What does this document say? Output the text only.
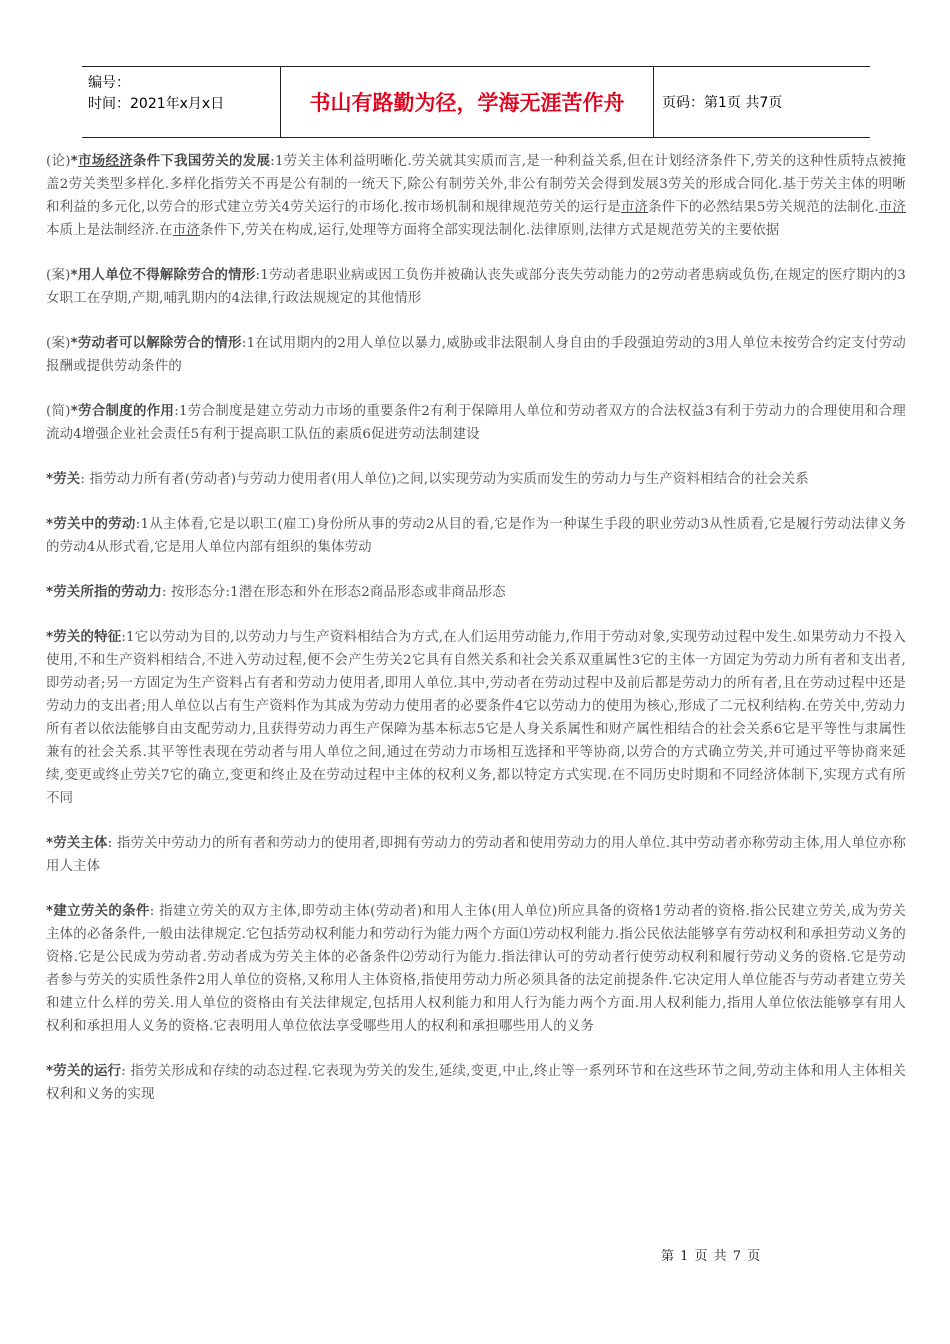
编号：
时间：2021年x月x日	书山有路勤为径，学海无涯苦作舟	页码：第1页 共7页

(论)*市场经济条件下我国劳关的发展:1劳关主体利益明晰化.劳关就其实质而言,是一种利益关系,但在计划经济条件下,劳关的这种性质特点被掩盖2劳关类型多样化.多样化指劳关不再是公有制的一统天下,除公有制劳关外,非公有制劳关会得到发展3劳关的形成合同化.基于劳关主体的明晰和利益的多元化,以劳合的形式建立劳关4劳关运行的市场化.按市场机制和规律规范劳关的运行是市济条件下的必然结果5劳关规范的法制化.市济本质上是法制经济.在市济条件下,劳关在构成,运行,处理等方面将全部实现法制化.法律原则,法律方式是规范劳关的主要依据

(案)*用人单位不得解除劳合的情形:1劳动者患职业病或因工负伤并被确认丧失或部分丧失劳动能力的2劳动者患病或负伤,在规定的医疗期内的3女职工在孕期,产期,哺乳期内的4法律,行政法规规定的其他情形

(案)*劳动者可以解除劳合的情形:1在试用期内的2用人单位以暴力,威胁或非法限制人身自由的手段强迫劳动的3用人单位未按劳合约定支付劳动报酬或提供劳动条件的

(简)*劳合制度的作用:1劳合制度是建立劳动力市场的重要条件2有利于保障用人单位和劳动者双方的合法权益3有利于劳动力的合理使用和合理流动4增强企业社会责任5有利于提高职工队伍的素质6促进劳动法制建设

*劳关: 指劳动力所有者(劳动者)与劳动力使用者(用人单位)之间,以实现劳动为实质而发生的劳动力与生产资料相结合的社会关系

*劳关中的劳动:1从主体看,它是以职工(雇工)身份所从事的劳动2从目的看,它是作为一种谋生手段的职业劳动3从性质看,它是履行劳动法律义务的劳动4从形式看,它是用人单位内部有组织的集体劳动

*劳关所指的劳动力: 按形态分:1潜在形态和外在形态2商品形态或非商品形态

*劳关的特征:1它以劳动为目的,以劳动力与生产资料相结合为方式,在人们运用劳动能力,作用于劳动对象,实现劳动过程中发生.如果劳动力不投入使用,不和生产资料相结合,不进入劳动过程,便不会产生劳关2它具有自然关系和社会关系双重属性3它的主体一方固定为劳动力所有者和支出者,即劳动者;另一方固定为生产资料占有者和劳动力使用者,即用人单位.其中,劳动者在劳动过程中及前后都是劳动力的所有者,且在劳动过程中还是劳动力的支出者;用人单位以占有生产资料作为其成为劳动力使用者的必要条件4它以劳动力的使用为核心,形成了二元权利结构.在劳关中,劳动力所有者以依法能够自由支配劳动力,且获得劳动力再生产保障为基本标志5它是人身关系属性和财产属性相结合的社会关系6它是平等性与隶属性兼有的社会关系.其平等性表现在劳动者与用人单位之间,通过在劳动力市场相互选择和平等协商,以劳合的方式确立劳关,并可通过平等协商来延续,变更或终止劳关7它的确立,变更和终止及在劳动过程中主体的权利义务,都以特定方式实现.在不同历史时期和不同经济体制下,实现方式有所不同

*劳关主体: 指劳关中劳动力的所有者和劳动力的使用者,即拥有劳动力的劳动者和使用劳动力的用人单位.其中劳动者亦称劳动主体,用人单位亦称用人主体

*建立劳关的条件: 指建立劳关的双方主体,即劳动主体(劳动者)和用人主体(用人单位)所应具备的资格1劳动者的资格.指公民建立劳关,成为劳关主体的必备条件,一般由法律规定.它包括劳动权利能力和劳动行为能力两个方面⑴劳动权利能力.指公民依法能够享有劳动权利和承担劳动义务的资格.它是公民成为劳动者.劳动者成为劳关主体的必备条件⑵劳动行为能力.指法律认可的劳动者行使劳动权利和履行劳动义务的资格.它是劳动者参与劳关的实质性条件2用人单位的资格,又称用人主体资格,指使用劳动力所必须具备的法定前提条件.它决定用人单位能否与劳动者建立劳关和建立什么样的劳关.用人单位的资格由有关法律规定,包括用人权利能力和用人行为能力两个方面.用人权利能力,指用人单位依法能够享有用人权利和承担用人义务的资格.它表明用人单位依法享受哪些用人的权利和承担哪些用人的义务

*劳关的运行: 指劳关形成和存续的动态过程.它表现为劳关的发生,延续,变更,中止,终止等一系列环节和在这些环节之间,劳动主体和用人主体相关权利和义务的实现

第 1 页 共 7 页
